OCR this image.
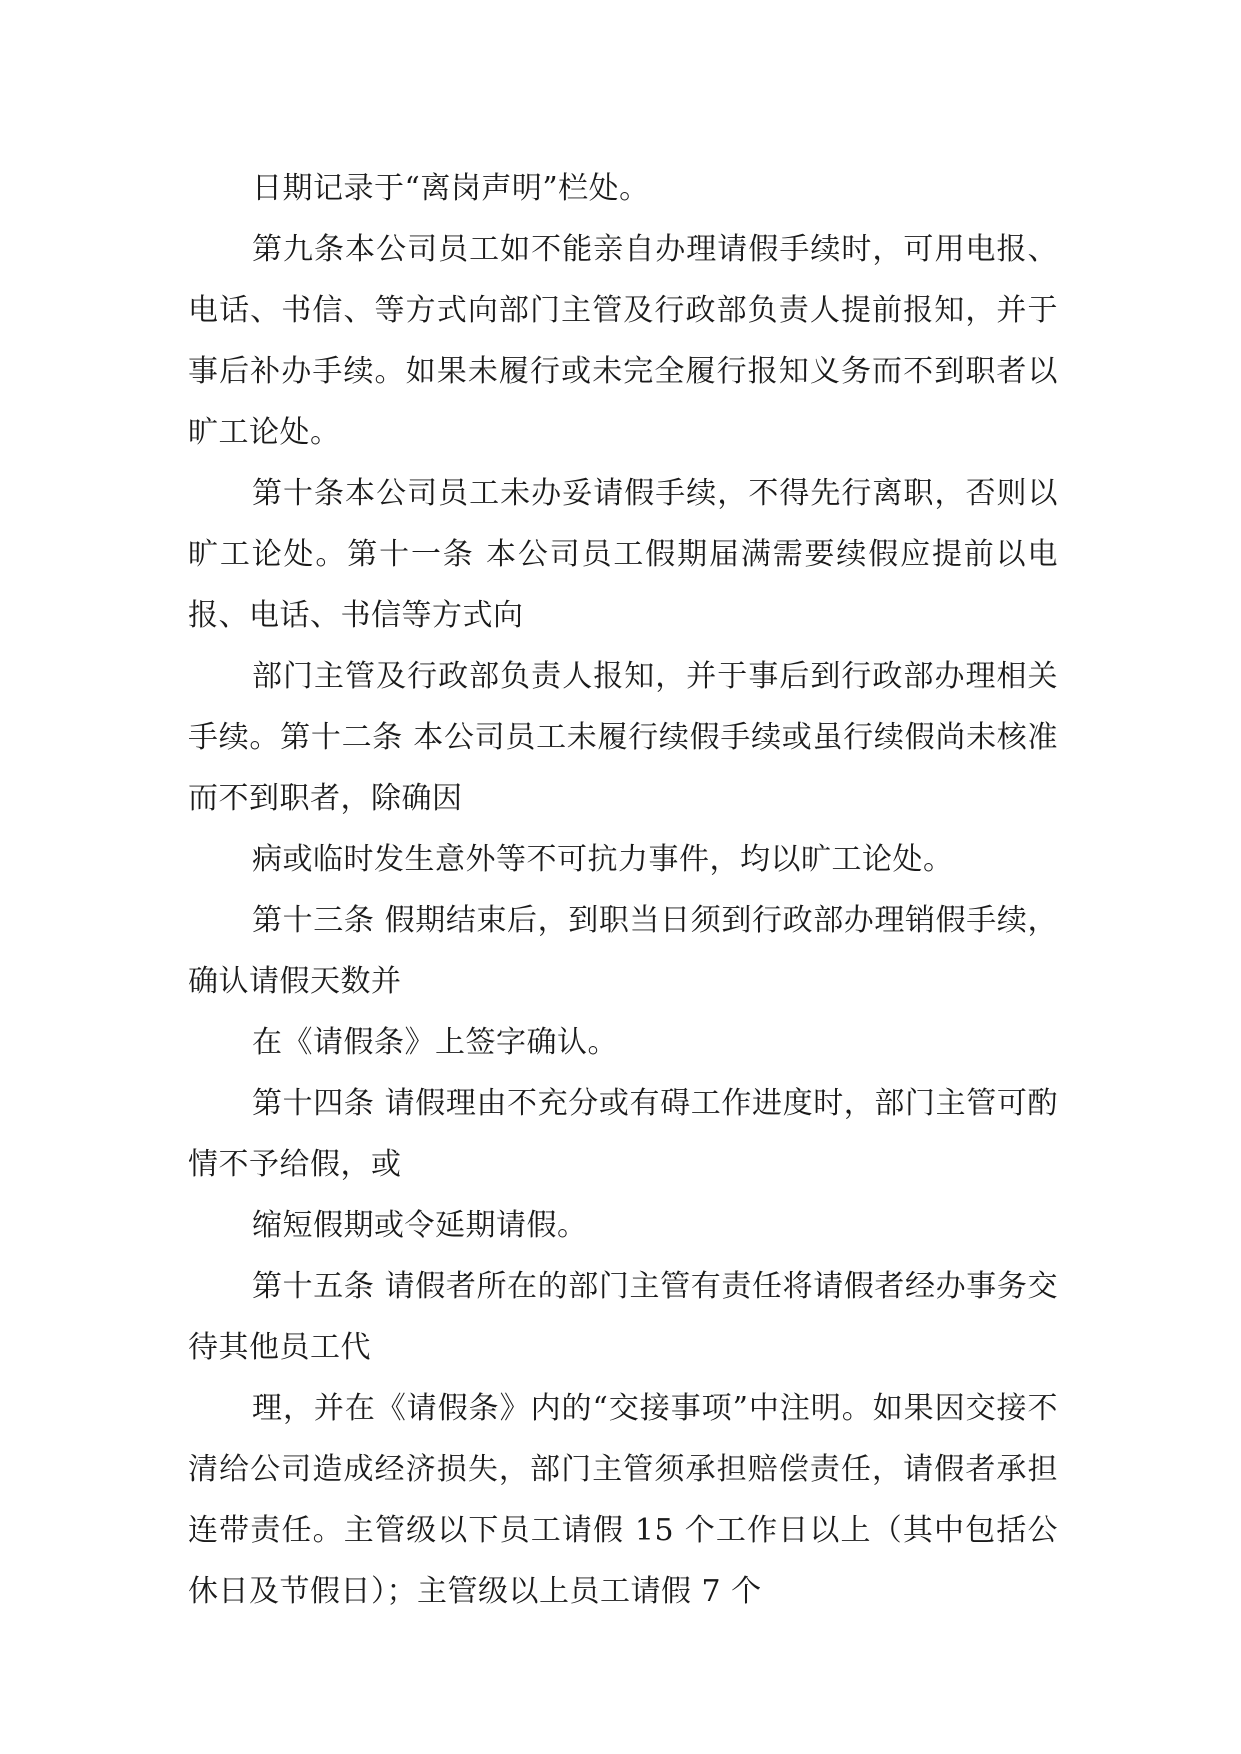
日期记录于“离岗声明”栏处。

第九条本公司员工如不能亲自办理请假手续时，可用电报、电话、书信、等方式向部门主管及行政部负责人提前报知，并于事后补办手续。如果未履行或未完全履行报知义务而不到职者以旷工论处。

第十条本公司员工未办妥请假手续，不得先行离职，否则以旷工论处。第十一条 本公司员工假期届满需要续假应提前以电报、电话、书信等方式向

部门主管及行政部负责人报知，并于事后到行政部办理相关手续。第十二条 本公司员工未履行续假手续或虽行续假尚未核准而不到职者，除确因

病或临时发生意外等不可抗力事件，均以旷工论处。

第十三条 假期结束后，到职当日须到行政部办理销假手续，确认请假天数并

在《请假条》上签字确认。

第十四条 请假理由不充分或有碍工作进度时，部门主管可酌情不予给假，或

缩短假期或令延期请假。

第十五条 请假者所在的部门主管有责任将请假者经办事务交待其他员工代

理，并在《请假条》内的“交接事项”中注明。如果因交接不清给公司造成经济损失，部门主管须承担赔偿责任，请假者承担连带责任。主管级以下员工请假 15 个工作日以上（其中包括公休日及节假日）；主管级以上员工请假 7 个
